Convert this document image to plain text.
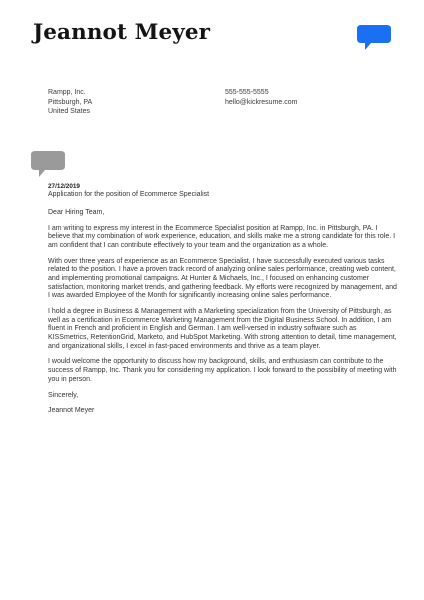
Jeannot Meyer
Rampp, Inc.
Pittsburgh, PA
United States
555-555-5555
hello@kickresume.com
27/12/2019
Application for the position of Ecommerce Specialist

Dear Hiring Team,

I am writing to express my interest in the Ecommerce Specialist position at Rampp, Inc. in Pittsburgh, PA. I believe that my combination of work experience, education, and skills make me a strong candidate for this role. I am confident that I can contribute effectively to your team and the organization as a whole.

With over three years of experience as an Ecommerce Specialist, I have successfully executed various tasks related to the position. I have a proven track record of analyzing online sales performance, creating web content, and implementing promotional campaigns. At Hunter & Michaels, Inc., I focused on enhancing customer satisfaction, monitoring market trends, and gathering feedback. My efforts were recognized by management, and I was awarded Employee of the Month for significantly increasing online sales performance.

I hold a degree in Business & Management with a Marketing specialization from the University of Pittsburgh, as well as a certification in Ecommerce Marketing Management from the Digital Business School. In addition, I am fluent in French and proficient in English and German. I am well-versed in industry software such as KISSmetrics, RetentionGrid, Marketo, and HubSpot Marketing. With strong attention to detail, time management, and organizational skills, I excel in fast-paced environments and thrive as a team player.

I would welcome the opportunity to discuss how my background, skills, and enthusiasm can contribute to the success of Rampp, Inc. Thank you for considering my application. I look forward to the possibility of meeting with you in person.

Sincerely,

Jeannot Meyer
